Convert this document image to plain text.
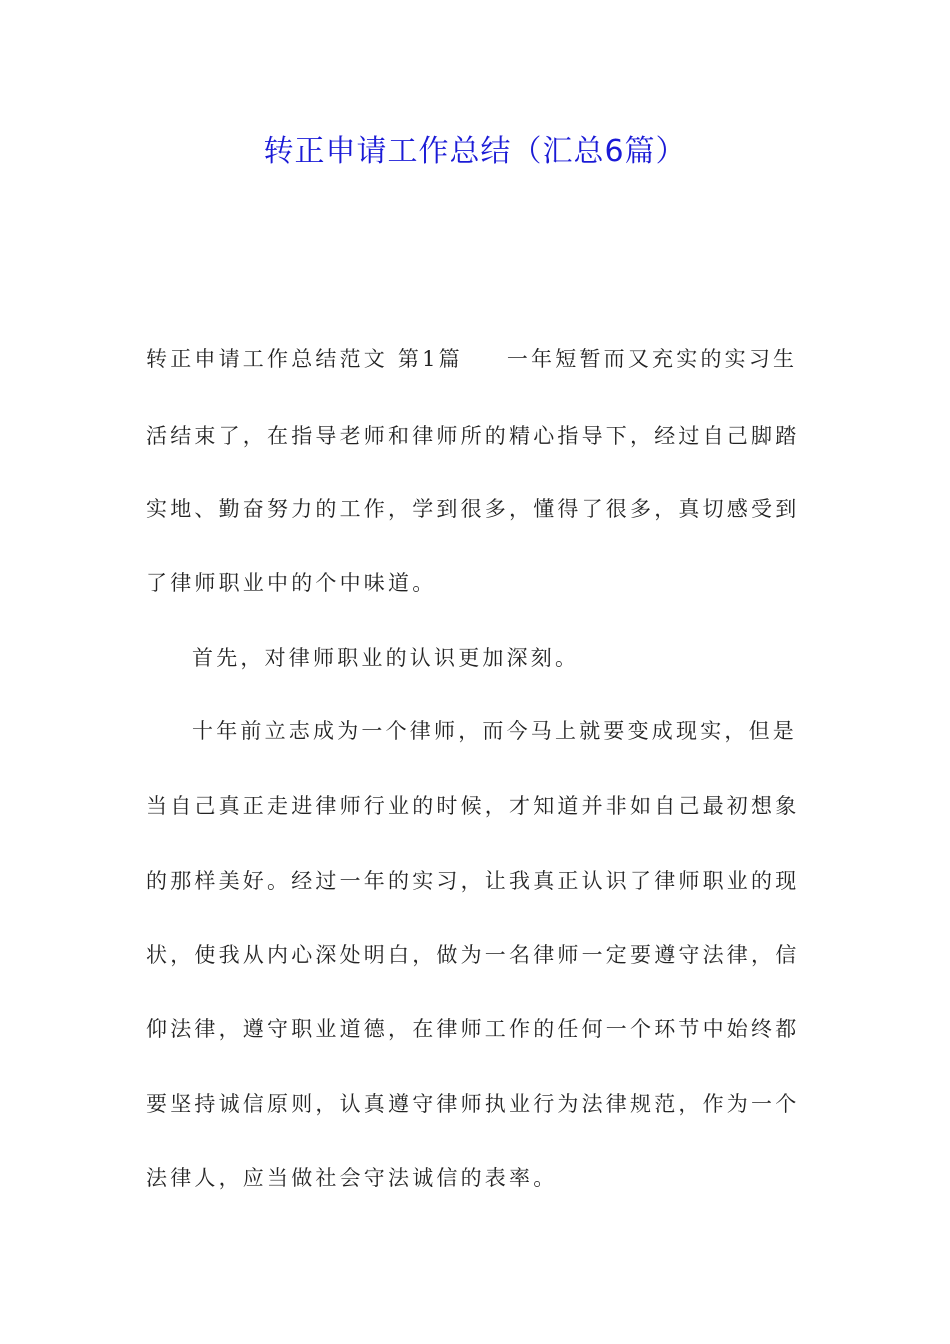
转正申请工作总结（汇总6篇）
转正申请工作总结范文 第1篇 一年短暂而又充实的实习生
活结束了，在指导老师和律师所的精心指导下，经过自己脚踏
实地、勤奋努力的工作，学到很多，懂得了很多，真切感受到
了律师职业中的个中味道。
首先，对律师职业的认识更加深刻。
十年前立志成为一个律师，而今马上就要变成现实，但是
当自己真正走进律师行业的时候，才知道并非如自己最初想象
的那样美好。经过一年的实习，让我真正认识了律师职业的现
状，使我从内心深处明白，做为一名律师一定要遵守法律，信
仰法律，遵守职业道德，在律师工作的任何一个环节中始终都
要坚持诚信原则，认真遵守律师执业行为法律规范，作为一个
法律人，应当做社会守法诚信的表率。
